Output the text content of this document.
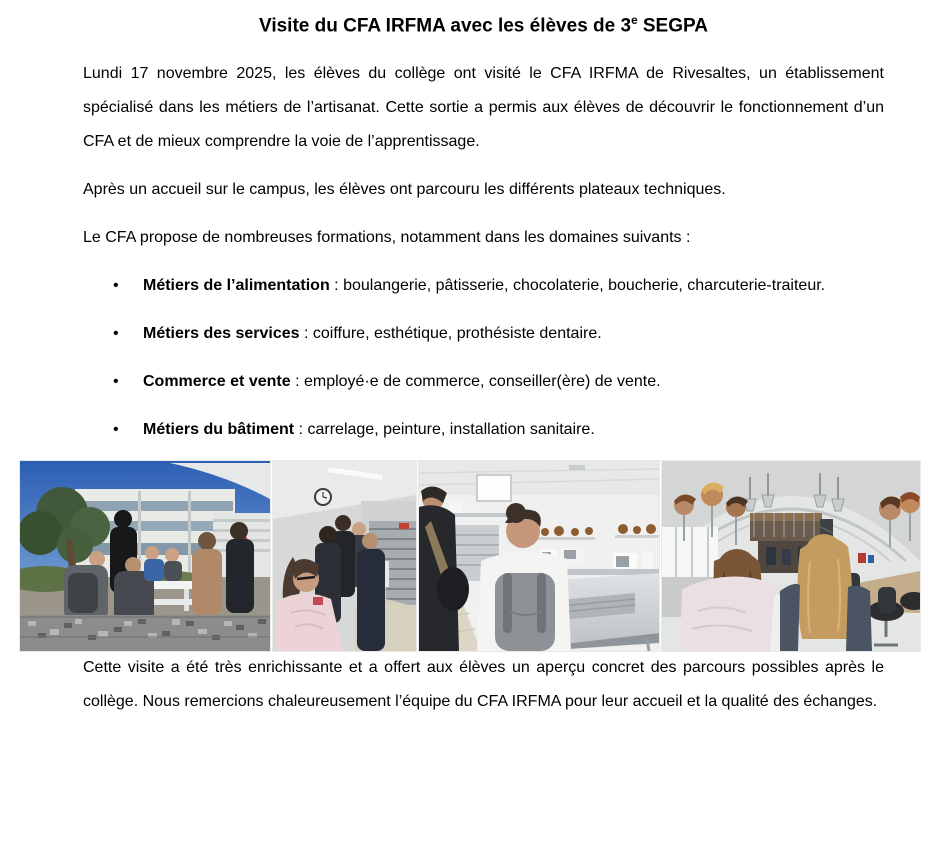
Visite du CFA IRFMA avec les élèves de 3e SEGPA

Lundi 17 novembre 2025, les élèves du collège ont visité le CFA IRFMA de Rivesaltes, un établissement spécialisé dans les métiers de l’artisanat. Cette sortie a permis aux élèves de découvrir le fonctionnement d’un CFA et de mieux comprendre la voie de l’apprentissage.

Après un accueil sur le campus, les élèves ont parcouru les différents plateaux techniques.

Le CFA propose de nombreuses formations, notamment dans les domaines suivants :

• Métiers de l’alimentation : boulangerie, pâtisserie, chocolaterie, boucherie, charcuterie-traiteur.
• Métiers des services : coiffure, esthétique, prothésiste dentaire.
• Commerce et vente : employé·e de commerce, conseiller(ère) de vente.
• Métiers du bâtiment : carrelage, peinture, installation sanitaire.

Cette visite a été très enrichissante et a offert aux élèves un aperçu concret des parcours possibles après le collège. Nous remercions chaleureusement l’équipe du CFA IRFMA pour leur accueil et la qualité des échanges.
